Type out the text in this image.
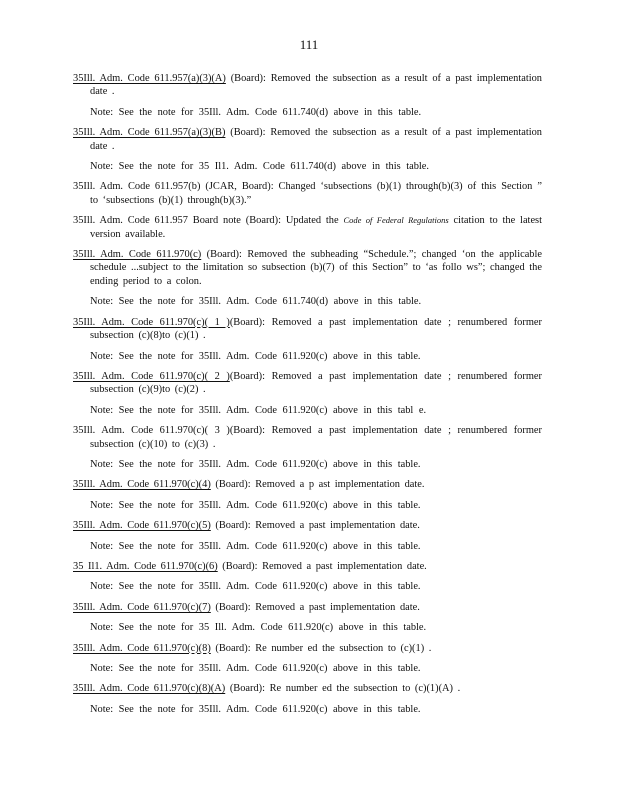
111
35Ill. Adm. Code 611.957(a)(3)(A) (Board): Removed the subsection as a result of a past implementation date .
Note: See the note for 35Ill. Adm. Code 611.740(d) above in this table.
35Ill. Adm. Code 611.957(a)(3)(B) (Board): Removed the subsection as a result of a past implementation date .
Note: See the note for 35 Il1. Adm. Code 611.740(d) above in this table.
35Ill. Adm. Code 611.957(b) (JCAR, Board): Changed ‘subsections (b)(1) through(b)(3) of this Section ” to ‘subsections (b)(1) through(b)(3).”
35Ill. Adm. Code 611.957 Board note (Board): Updated the Code of Federal Regulations citation to the latest version available.
35Ill. Adm. Code 611.970(c) (Board): Removed the subheading “Schedule.”; changed ‘on the applicable schedule ...subject to the limitation so subsection (b)(7) of this Section” to ‘as follo ws”; changed the ending period to a colon.
Note: See the note for 35Ill. Adm. Code 611.740(d) above in this table.
35Ill. Adm. Code 611.970(c)( 1 )(Board): Removed a past implementation date ; renumbered former subsection (c)(8)to (c)(1) .
Note: See the note for 35Ill. Adm. Code 611.920(c) above in this table.
35Ill. Adm. Code 611.970(c)( 2 )(Board): Removed a past implementation date ; renumbered former subsection (c)(9)to (c)(2) .
Note: See the note for 35Ill. Adm. Code 611.920(c) above in this tabl e.
35Ill. Adm. Code 611.970(c)( 3 )(Board): Removed a past implementation date ; renumbered former subsection (c)(10) to (c)(3) .
Note: See the note for 35Ill. Adm. Code 611.920(c) above in this table.
35Ill. Adm. Code 611.970(c)(4) (Board): Removed a p ast implementation date.
Note: See the note for 35Ill. Adm. Code 611.920(c) above in this table.
35Ill. Adm. Code 611.970(c)(5) (Board): Removed a past implementation date.
Note: See the note for 35Ill. Adm. Code 611.920(c) above in this table.
35 Il1. Adm. Code 611.970(c)(6) (Board): Removed a past implementation date.
Note: See the note for 35Ill. Adm. Code 611.920(c) above in this table.
35Ill. Adm. Code 611.970(c)(7) (Board): Removed a past implementation date.
Note: See the note for 35 Ill. Adm. Code 611.920(c) above in this table.
35Ill. Adm. Code 611.970(c)(8) (Board): Re number ed the subsection to (c)(1) .
Note: See the note for 35Ill. Adm. Code 611.920(c) above in this table.
35Ill. Adm. Code 611.970(c)(8)(A) (Board): Re number ed the subsection to (c)(1)(A) .
Note: See the note for 35Ill. Adm. Code 611.920(c) above in this table.
